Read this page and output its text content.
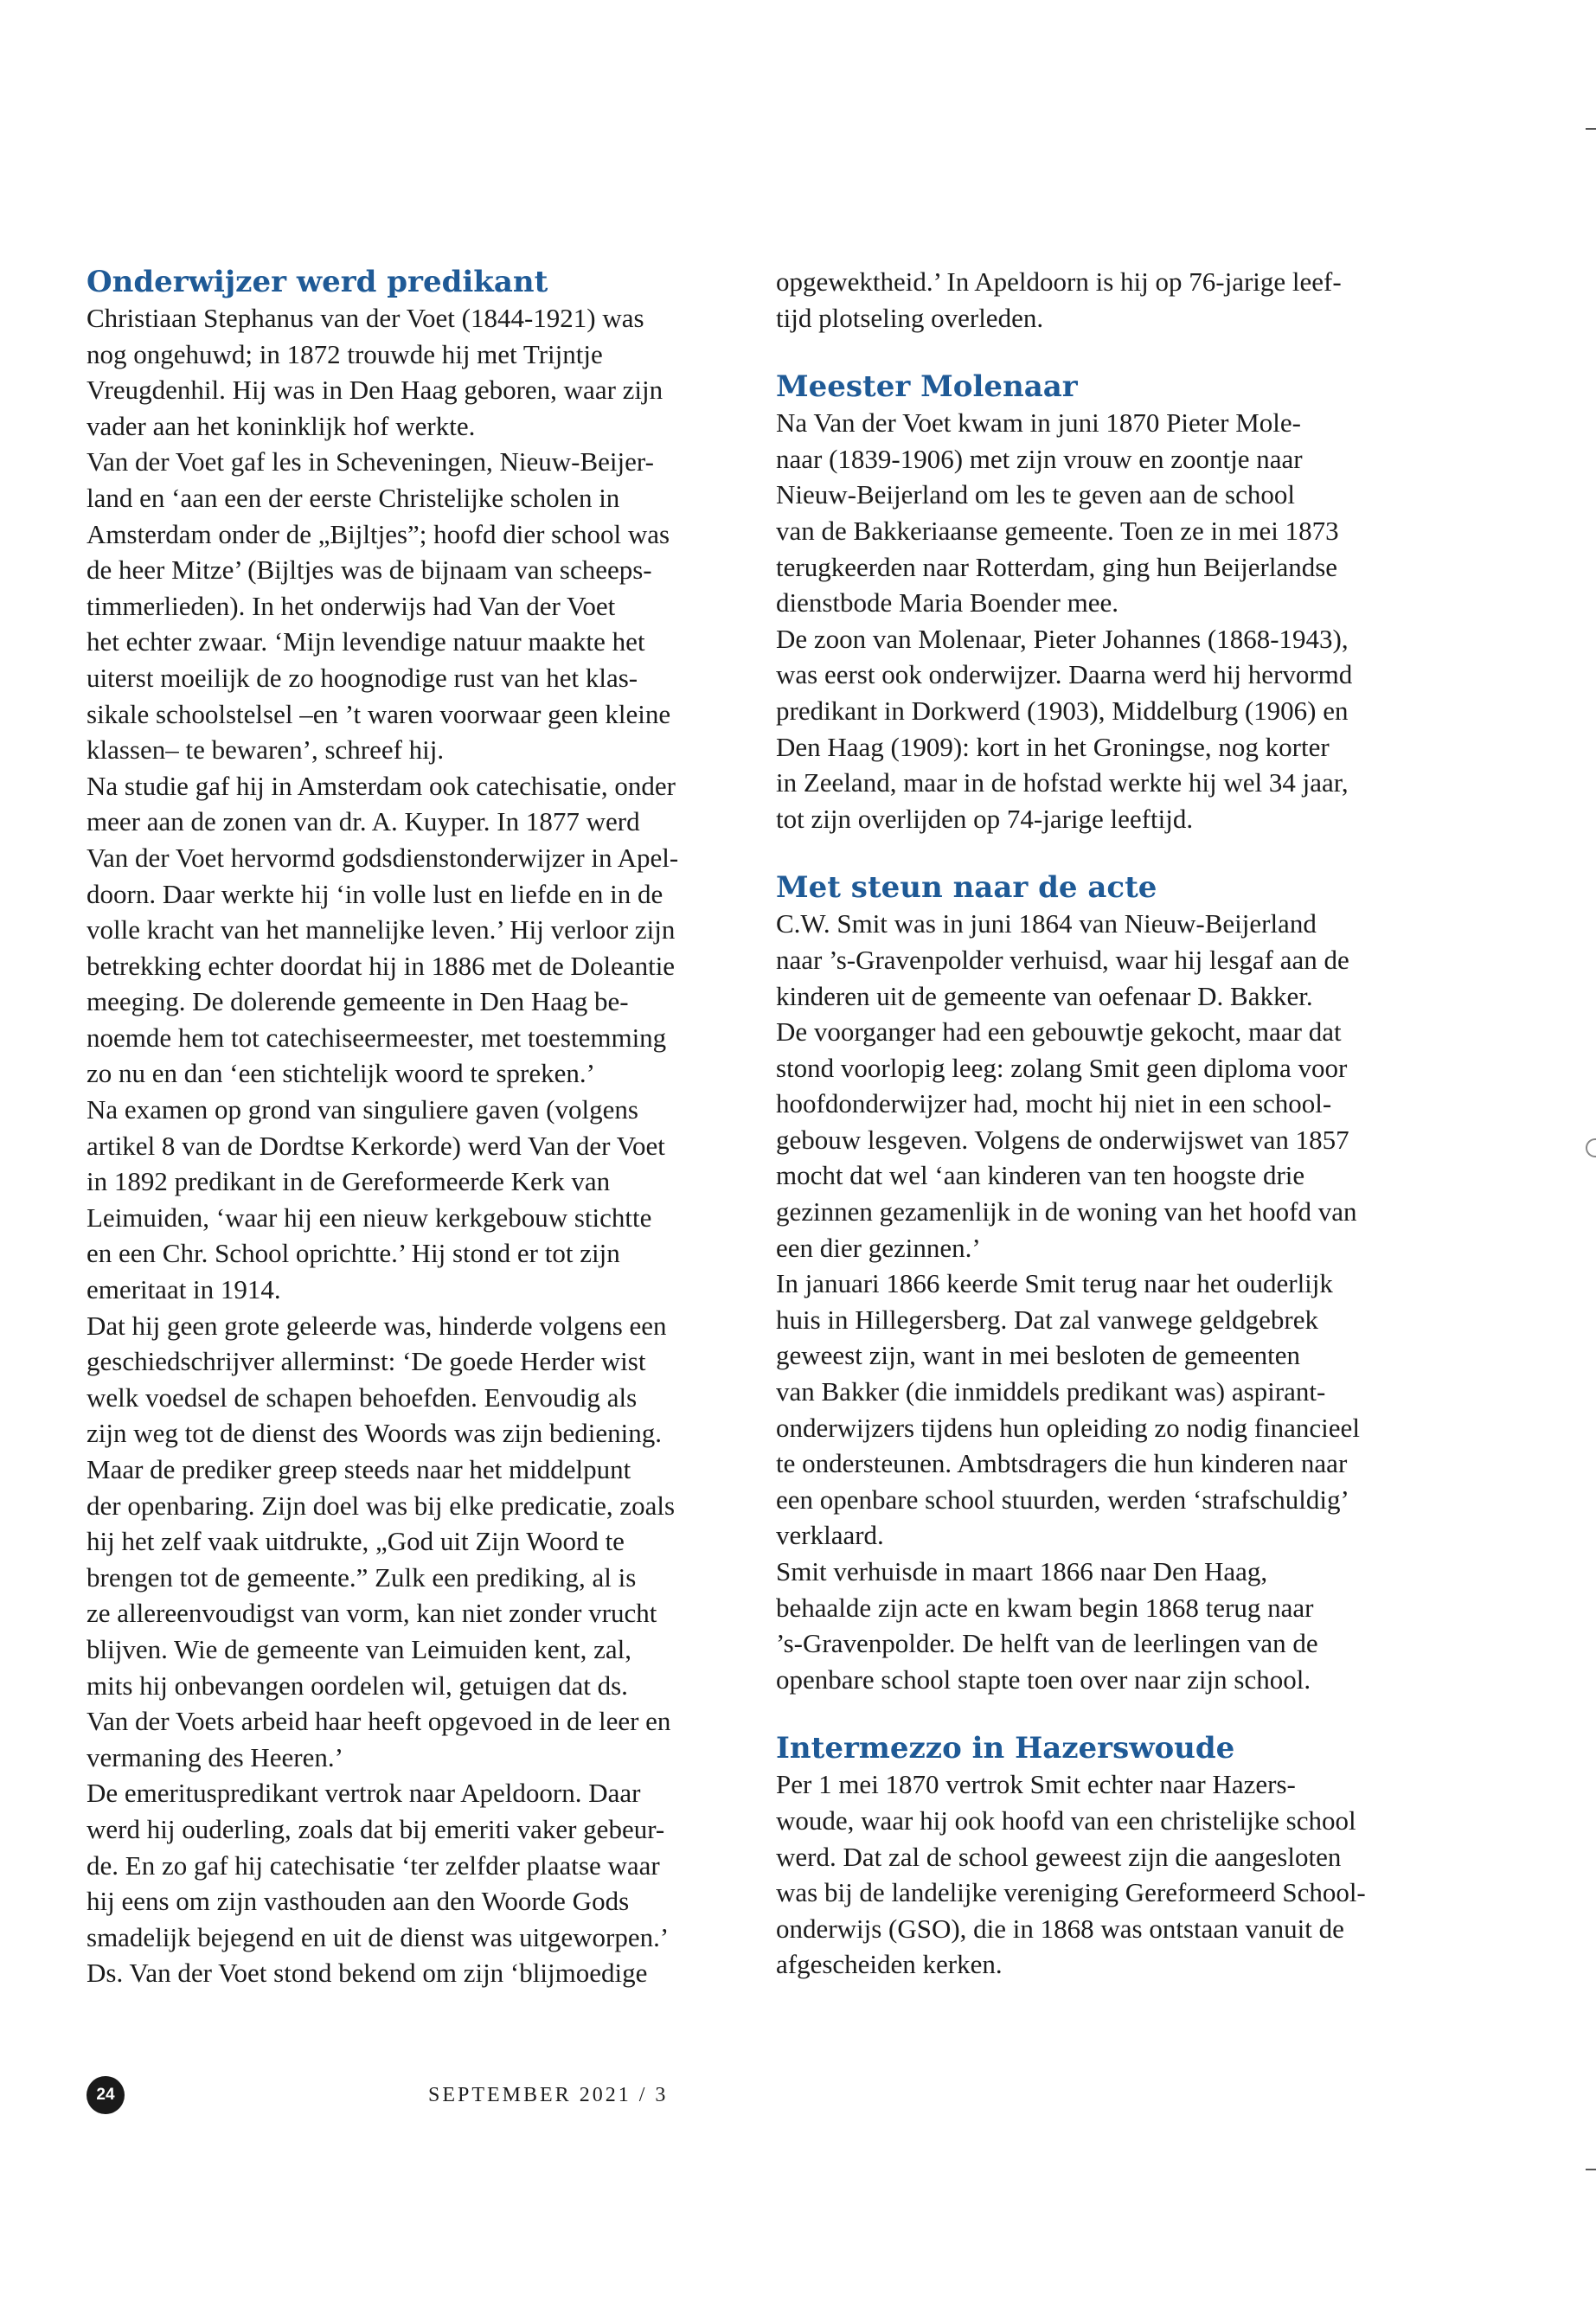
Onderwijzer werd predikant
Christiaan Stephanus van der Voet (1844-1921) was
nog ongehuwd; in 1872 trouwde hij met Trijntje
Vreugdenhil. Hij was in Den Haag geboren, waar zijn
vader aan het koninklijk hof werkte.
Van der Voet gaf les in Scheveningen, Nieuw-Beijer-
land en ‘aan een der eerste Christelijke scholen in
Amsterdam onder de „Bijltjes”; hoofd dier school was
de heer Mitze’ (Bijltjes was de bijnaam van scheeps-
timmerlieden). In het onderwijs had Van der Voet
het echter zwaar. ‘Mijn levendige natuur maakte het
uiterst moeilijk de zo hoognodige rust van het klas-
sikale schoolstelsel –en ’t waren voorwaar geen kleine
klassen– te bewaren’, schreef hij.
Na studie gaf hij in Amsterdam ook catechisatie, onder
meer aan de zonen van dr. A. Kuyper. In 1877 werd
Van der Voet hervormd godsdienstonderwijzer in Apel-
doorn. Daar werkte hij ‘in volle lust en liefde en in de
volle kracht van het mannelijke leven.’ Hij verloor zijn
betrekking echter doordat hij in 1886 met de Doleantie
meeging. De dolerende gemeente in Den Haag be-
noemde hem tot catechiseermeester, met toestemming
zo nu en dan ‘een stichtelijk woord te spreken.’
Na examen op grond van singuliere gaven (volgens
artikel 8 van de Dordtse Kerkorde) werd Van der Voet
in 1892 predikant in de Gereformeerde Kerk van
Leimuiden, ‘waar hij een nieuw kerkgebouw stichtte
en een Chr. School oprichtte.’ Hij stond er tot zijn
emeritaat in 1914.
Dat hij geen grote geleerde was, hinderde volgens een
geschiedschrijver allerminst: ‘De goede Herder wist
welk voedsel de schapen behoefden. Eenvoudig als
zijn weg tot de dienst des Woords was zijn bediening.
Maar de prediker greep steeds naar het middelpunt
der openbaring. Zijn doel was bij elke predicatie, zoals
hij het zelf vaak uitdrukte, „God uit Zijn Woord te
brengen tot de gemeente.” Zulk een prediking, al is
ze allereenvoudigst van vorm, kan niet zonder vrucht
blijven. Wie de gemeente van Leimuiden kent, zal,
mits hij onbevangen oordelen wil, getuigen dat ds.
Van der Voets arbeid haar heeft opgevoed in de leer en
vermaning des Heeren.’
De emerituspredikant vertrok naar Apeldoorn. Daar
werd hij ouderling, zoals dat bij emeriti vaker gebeur-
de. En zo gaf hij catechisatie ‘ter zelfder plaatse waar
hij eens om zijn vasthouden aan den Woorde Gods
smadelijk bejegend en uit de dienst was uitgeworpen.’
Ds. Van der Voet stond bekend om zijn ‘blijmoedige
opgewektheid.’ In Apeldoorn is hij op 76-jarige leef-
tijd plotseling overleden.
Meester Molenaar
Na Van der Voet kwam in juni 1870 Pieter Mole-
naar (1839-1906) met zijn vrouw en zoontje naar
Nieuw-Beijerland om les te geven aan de school
van de Bakkeriaanse gemeente. Toen ze in mei 1873
terugkeerden naar Rotterdam, ging hun Beijerlandse
dienstbode Maria Boender mee.
De zoon van Molenaar, Pieter Johannes (1868-1943),
was eerst ook onderwijzer. Daarna werd hij hervormd
predikant in Dorkwerd (1903), Middelburg (1906) en
Den Haag (1909): kort in het Groningse, nog korter
in Zeeland, maar in de hofstad werkte hij wel 34 jaar,
tot zijn overlijden op 74-jarige leeftijd.
Met steun naar de acte
C.W. Smit was in juni 1864 van Nieuw-Beijerland
naar ’s-Gravenpolder verhuisd, waar hij lesgaf aan de
kinderen uit de gemeente van oefenaar D. Bakker.
De voorganger had een gebouwtje gekocht, maar dat
stond voorlopig leeg: zolang Smit geen diploma voor
hoofdonderwijzer had, mocht hij niet in een school-
gebouw lesgeven. Volgens de onderwijswet van 1857
mocht dat wel ‘aan kinderen van ten hoogste drie
gezinnen gezamenlijk in de woning van het hoofd van
een dier gezinnen.’
In januari 1866 keerde Smit terug naar het ouderlijk
huis in Hillegersberg. Dat zal vanwege geldgebrek
geweest zijn, want in mei besloten de gemeenten
van Bakker (die inmiddels predikant was) aspirant-
onderwijzers tijdens hun opleiding zo nodig financieel
te ondersteunen. Ambtsdragers die hun kinderen naar
een openbare school stuurden, werden ‘strafschuldig’
verklaard.
Smit verhuisde in maart 1866 naar Den Haag,
behaalde zijn acte en kwam begin 1868 terug naar
’s-Gravenpolder. De helft van de leerlingen van de
openbare school stapte toen over naar zijn school.
Intermezzo in Hazerswoude
Per 1 mei 1870 vertrok Smit echter naar Hazers-
woude, waar hij ook hoofd van een christelijke school
werd. Dat zal de school geweest zijn die aangesloten
was bij de landelijke vereniging Gereformeerd School-
onderwijs (GSO), die in 1868 was ontstaan vanuit de
afgescheiden kerken.
24	SEPTEMBER 2021 / 3
